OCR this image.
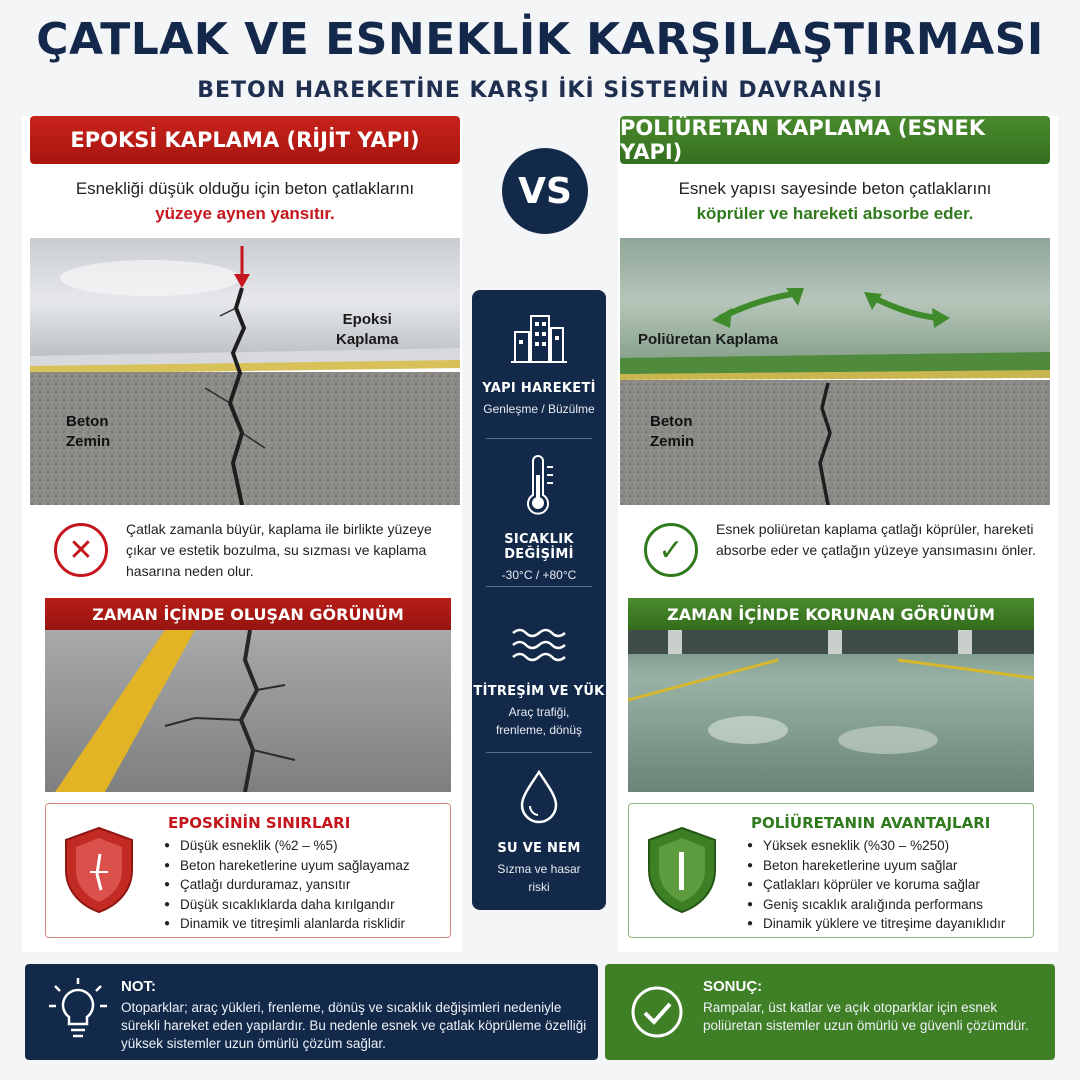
ÇATLAK VE ESNEKLİK KARŞILAŞTIRMASI
BETON HAREKETİNE KARŞI İKİ SİSTEMİN DAVRANIŞI
EPOKSİ KAPLAMA (RİJİT YAPI)	POLİÜRETAN KAPLAMA (ESNEK YAPI)
VS
Esnekliği düşük olduğu için beton çatlaklarını
yüzeye aynen yansıtır.
Esnek yapısı sayesinde beton çatlaklarını
köprüler ve hareketi absorbe eder.
Epoksi
Kaplama
Beton
Zemin
Poliüretan Kaplama
Beton
Zemin
✕
Çatlak zamanla büyür, kaplama ile birlikte yüzeye çıkar ve estetik bozulma, su sızması ve kaplama hasarına neden olur.
✓
Esnek poliüretan kaplama çatlağı köprüler, hareketi absorbe eder ve çatlağın yüzeye yansımasını önler.
ZAMAN İÇİNDE OLUŞAN GÖRÜNÜM	ZAMAN İÇİNDE KORUNAN GÖRÜNÜM
EPOSKİNİN SINIRLARI
● Düşük esneklik (%2 – %5)
● Beton hareketlerine uyum sağlayamaz
● Çatlağı durduramaz, yansıtır
● Düşük sıcaklıklarda daha kırılgandır
● Dinamik ve titreşimli alanlarda risklidir
POLİÜRETANIN AVANTAJLARI
● Yüksek esneklik (%30 – %250)
● Beton hareketlerine uyum sağlar
● Çatlakları köprüler ve koruma sağlar
● Geniş sıcaklık aralığında performans
● Dinamik yüklere ve titreşime dayanıklıdır
YAPI HAREKETİ
Genleşme / Büzülme
SICAKLIK DEĞİŞİMİ
-30°C / +80°C
TİTREŞİM VE YÜK
Araç trafiği, frenleme, dönüş
SU VE NEM
Sızma ve hasar riski
NOT:
Otoparklar; araç yükleri, frenleme, dönüş ve sıcaklık değişimleri nedeniyle sürekli hareket eden yapılardır. Bu nedenle esnek ve çatlak köprüleme özelliği yüksek sistemler uzun ömürlü çözüm sağlar.
SONUÇ:
Rampalar, üst katlar ve açık otoparklar için esnek poliüretan sistemler uzun ömürlü ve güvenli çözümdür.
